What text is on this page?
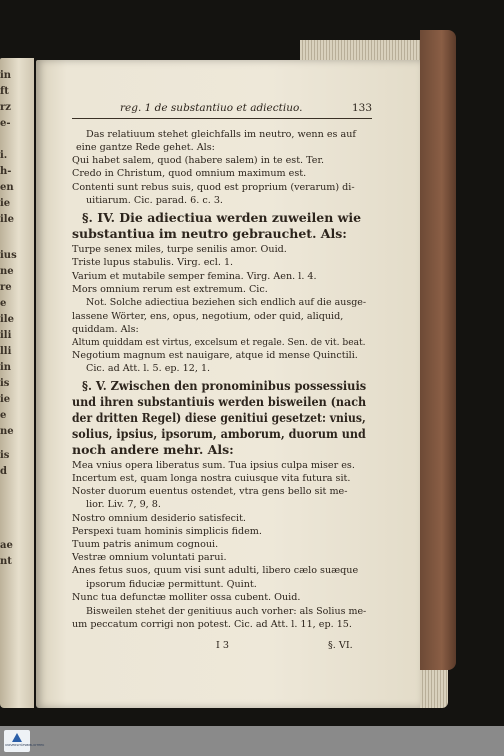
in
ft
rz
e-
i.
h-
en
ie
ile
ius
ne
re
e
ile
ili
lli
in
is
ie
e
ne
is
d
ae
nt
reg. 1 de substantiuo et adiectiuo.	133
Das relatiuum stehet gleichfalls im neutro, wenn es auf
eine gantze Rede gehet. Als:
Qui habet salem, quod (habere salem) in te est. Ter.
Credo in Christum, quod omnium maximum est.
Contenti sunt rebus suis, quod est proprium (verarum) di-
uitiarum. Cic. parad. 6. c. 3.
§. IV. Die adiectiua werden zuweilen wie
substantiua im neutro gebrauchet. Als:
Turpe senex miles, turpe senilis amor. Ouid.
Triste lupus stabulis. Virg. ecl. 1.
Varium et mutabile semper femina. Virg. Aen. l. 4.
Mors omnium rerum est extremum. Cic.
Not. Solche adiectiua beziehen sich endlich auf die ausge-
lassene Wörter, ens, opus, negotium, oder quid, aliquid,
quiddam. Als:
Altum quiddam est virtus, excelsum et regale. Sen. de vit. beat.
Negotium magnum est nauigare, atque id mense Quinctili.
Cic. ad Att. l. 5. ep. 12, 1.
§. V. Zwischen den pronominibus possessiuis
und ihren substantiuis werden bisweilen (nach
der dritten Regel) diese genitiui gesetzet: vnius,
solius, ipsius, ipsorum, amborum, duorum und
noch andere mehr. Als:
Mea vnius opera liberatus sum. Tua ipsius culpa miser es.
Incertum est, quam longa nostra cuiusque vita futura sit.
Noster duorum euentus ostendet, vtra gens bello sit me-
lior. Liv. 7, 9, 8.
Nostro omnium desiderio satisfecit.
Perspexi tuam hominis simplicis fidem.
Tuum patris animum cognoui.
Vestræ omnium voluntati parui.
Anes fetus suos, quum visi sunt adulti, libero cælo suæque
ipsorum fiduciæ permittunt. Quint.
Nunc tua defunctæ molliter ossa cubent. Ouid.
Bisweilen stehet der genitiuus auch vorher: als Solius me-
um peccatum corrigi non potest. Cic. ad Att. l. 11, ep. 15.
I 3	§. VI.
UNIVERSITÄTSBIBLIOTHEK
